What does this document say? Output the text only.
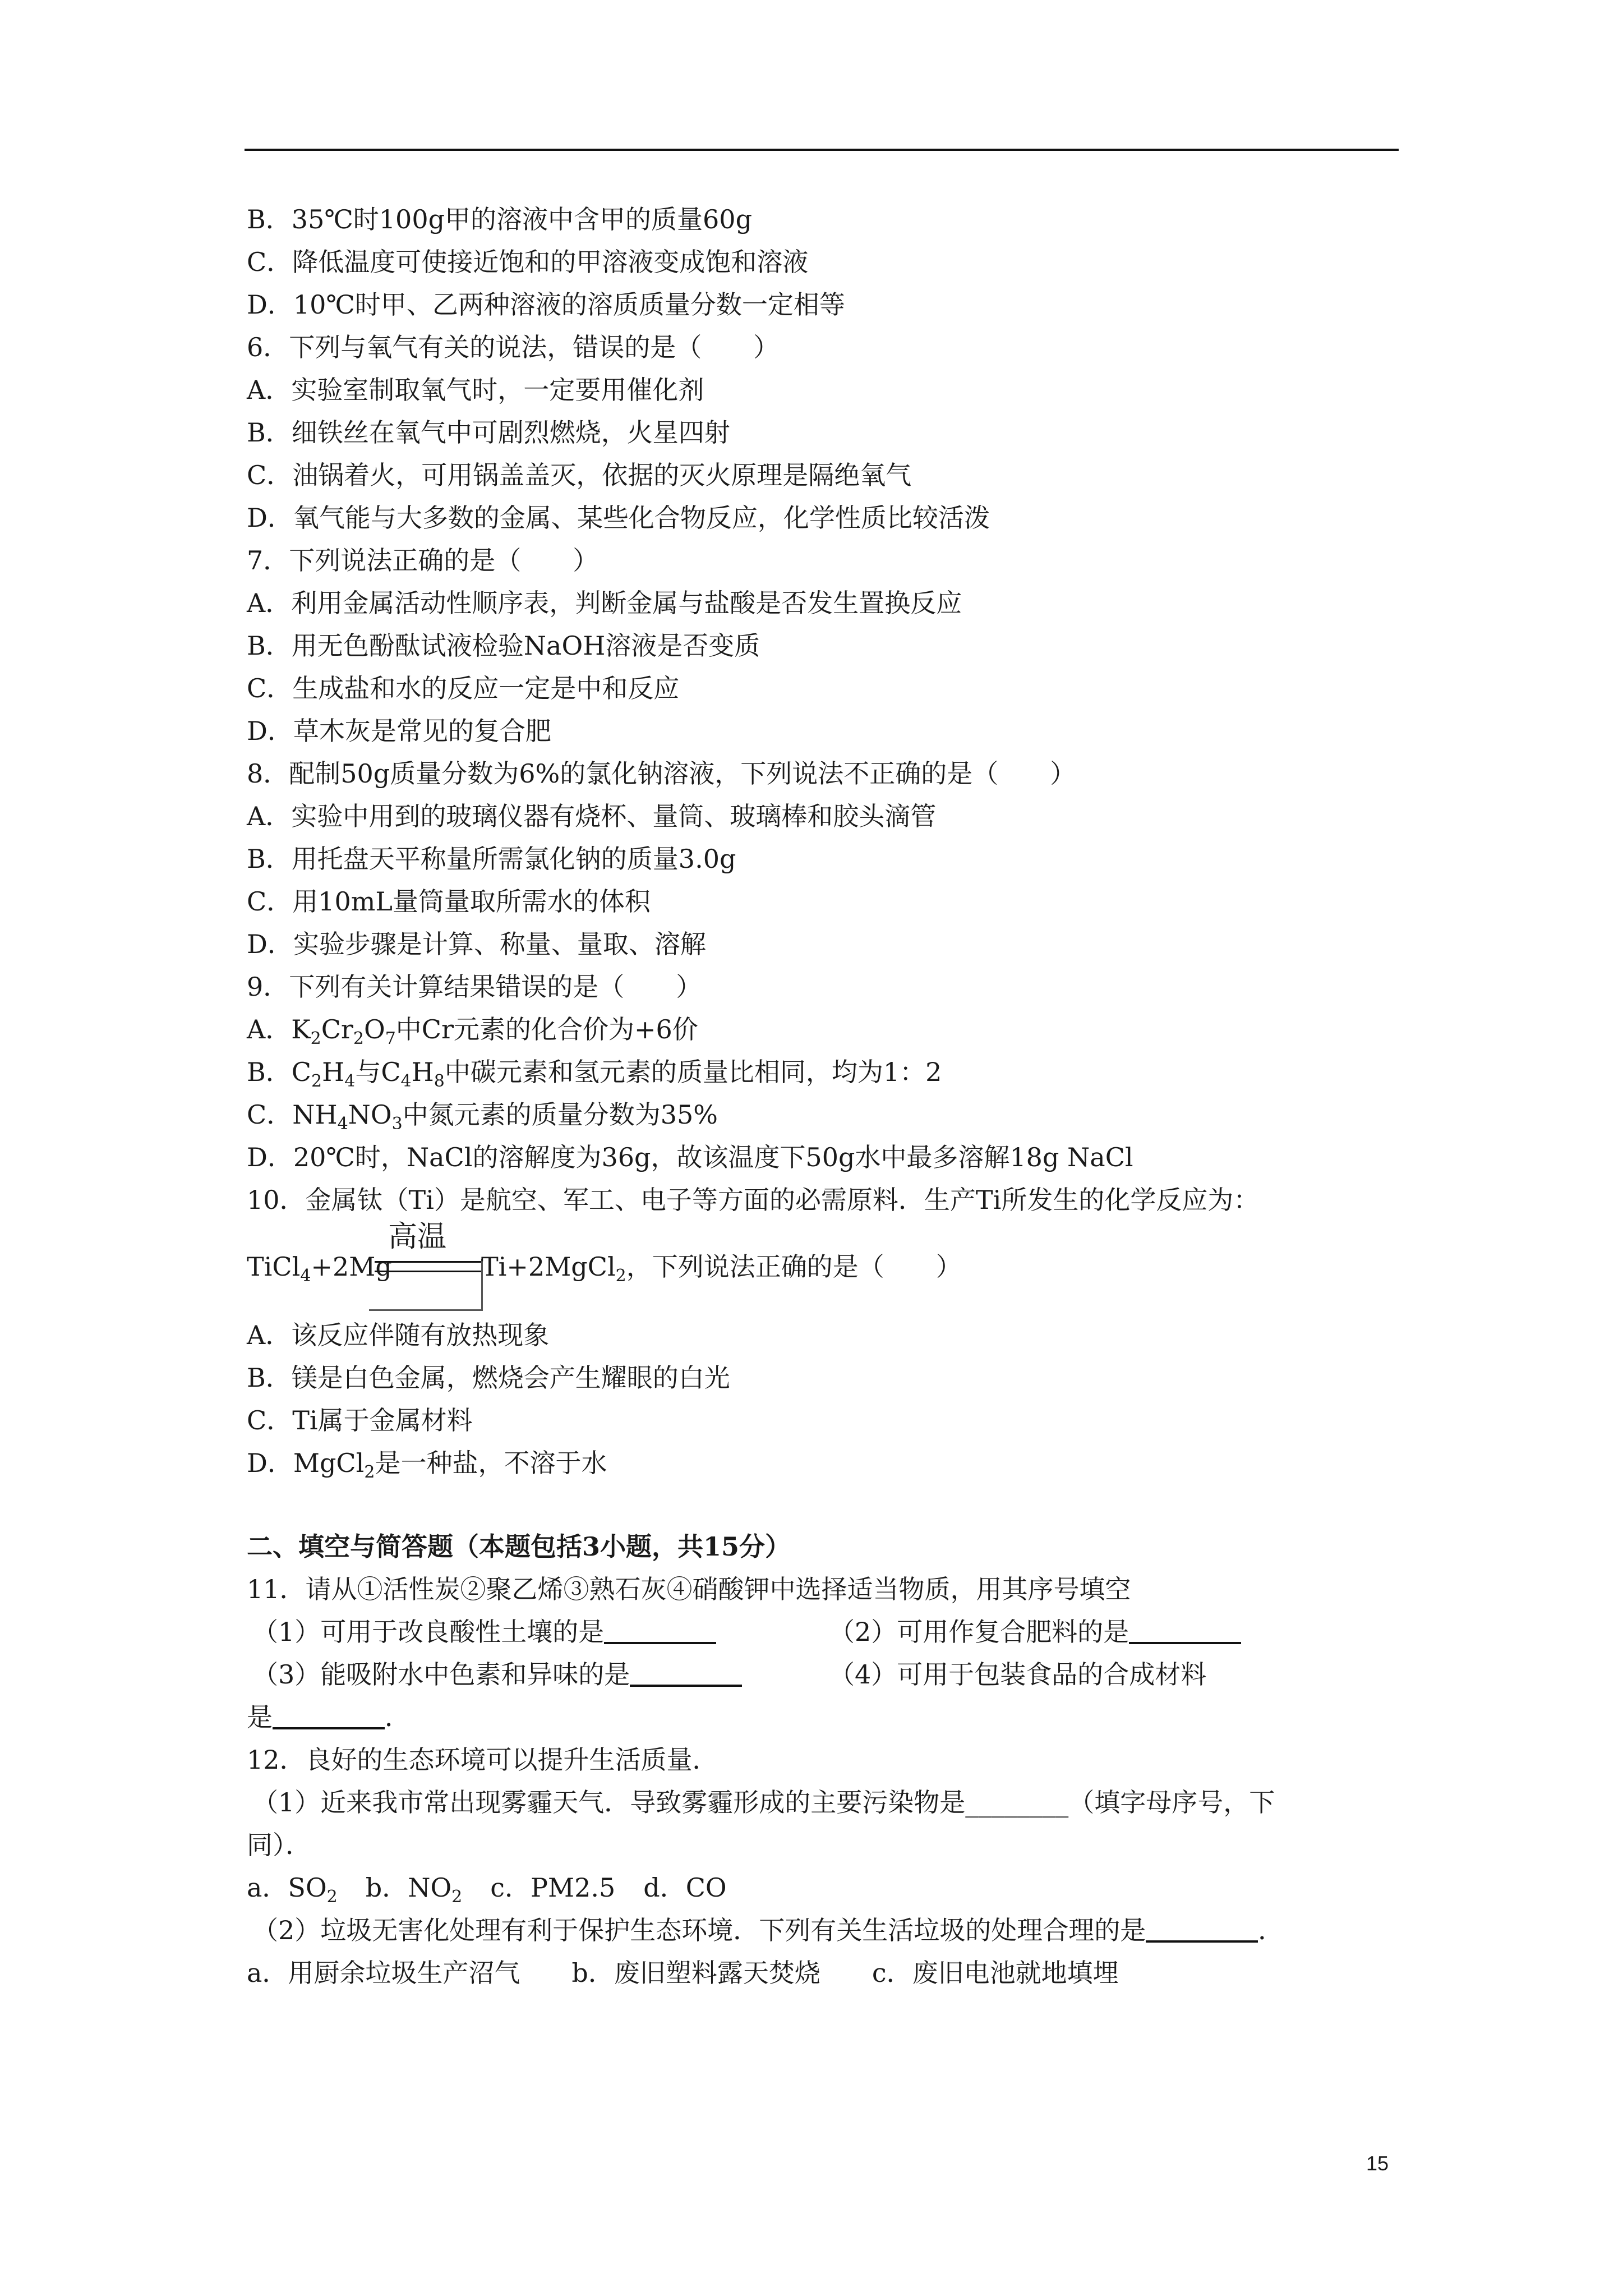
B．35℃时100g甲的溶液中含甲的质量60g
C．降低温度可使接近饱和的甲溶液变成饱和溶液
D．10℃时甲、乙两种溶液的溶质质量分数一定相等
6．下列与氧气有关的说法，错误的是（　　）
A．实验室制取氧气时，一定要用催化剂
B．细铁丝在氧气中可剧烈燃烧，火星四射
C．油锅着火，可用锅盖盖灭，依据的灭火原理是隔绝氧气
D．氧气能与大多数的金属、某些化合物反应，化学性质比较活泼
7．下列说法正确的是（　　）
A．利用金属活动性顺序表，判断金属与盐酸是否发生置换反应
B．用无色酚酞试液检验NaOH溶液是否变质
C．生成盐和水的反应一定是中和反应
D．草木灰是常见的复合肥
8．配制50g质量分数为6%的氯化钠溶液，下列说法不正确的是（　　）
A．实验中用到的玻璃仪器有烧杯、量筒、玻璃棒和胶头滴管
B．用托盘天平称量所需氯化钠的质量3.0g
C．用10mL量筒量取所需水的体积
D．实验步骤是计算、称量、量取、溶解
9．下列有关计算结果错误的是（　　）
A．$K_2Cr_2O_7$中Cr元素的化合价为+6价
B．$C_2H_4$与$C_4H_8$中碳元素和氢元素的质量比相同，均为1：2
C．$NH_4NO_3$中氮元素的质量分数为35%
D．20℃时，NaCl的溶解度为36g，故该温度下50g水中最多溶解18g NaCl
10．金属钛（Ti）是航空、军工、电子等方面的必需原料．生产Ti所发生的化学反应为：
高温
TiCl$_4$+2Mg	Ti+2MgCl$_2$，下列说法正确的是（　　）
A．该反应伴随有放热现象
B．镁是白色金属，燃烧会产生耀眼的白光
C．Ti属于金属材料
D．MgCl$_2$是一种盐，不溶于水
二、填空与简答题（本题包括3小题，共15分）
11．请从①活性炭②聚乙烯③熟石灰④硝酸钾中选择适当物质，用其序号填空
（1）可用于改良酸性土壤的是	（2）可用作复合肥料的是
（3）能吸附水中色素和异味的是	（4）可用于包装食品的合成材料
是	．
12．良好的生态环境可以提升生活质量．
（1）近来我市常出现雾霾天气．导致雾霾形成的主要污染物是________（填字母序号，下
同）．
a．$SO_2$ b．$NO_2$ c．PM2.5 d．CO
（2）垃圾无害化处理有利于保护生态环境．下列有关生活垃圾的处理合理的是	．
a．用厨余垃圾生产沼气　　b．废旧塑料露天焚烧　　c．废旧电池就地填埋
15
